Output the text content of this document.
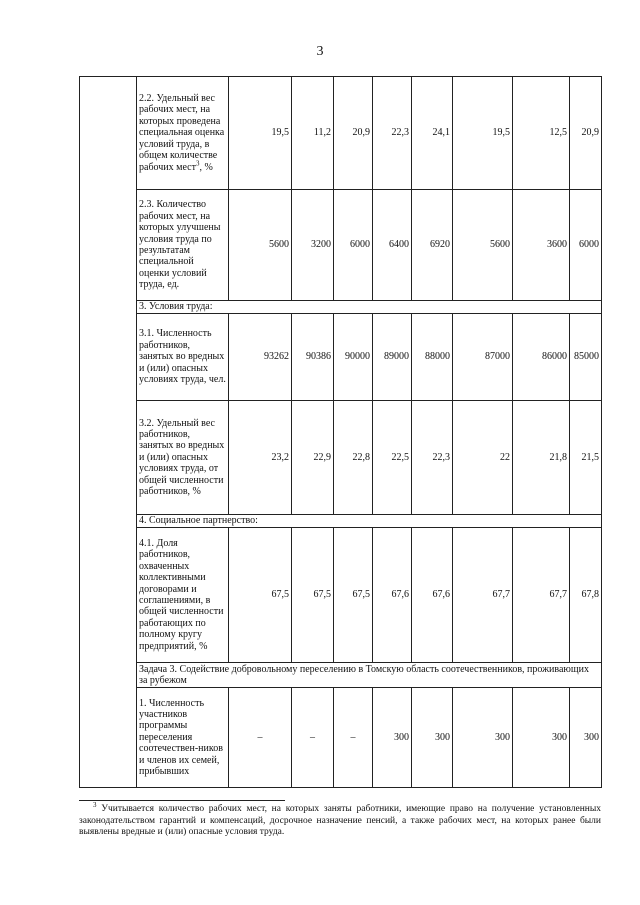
3
	2.2. Удельный вес рабочих мест, на которых проведена специальная оценка условий труда, в общем количестве рабочих мест$^3$, %	19,5	11,2	20,9	22,3	24,1	19,5	12,5	20,9
	2.3. Количество рабочих мест, на которых улучшены условия труда по результатам специальной оценки условий труда, ед.	5600	3200	6000	6400	6920	5600	3600	6000
	3. Условия труда:								
	3.1. Численность работников, занятых во вредных и (или) опасных условиях труда, чел.	93262	90386	90000	89000	88000	87000	86000	85000
	3.2. Удельный вес работников, занятых во вредных и (или) опасных условиях труда, от общей численности работников, %	23,2	22,9	22,8	22,5	22,3	22	21,8	21,5
	4. Социальное партнерство:								
	4.1. Доля работников, охваченных коллективными договорами и соглашениями, в общей численности работающих по полному кругу предприятий, %	67,5	67,5	67,5	67,6	67,6	67,7	67,7	67,8
	Задача 3. Содействие добровольному переселению в Томскую область соотечественников, проживающих за рубежом								
	1. Численность участников программы переселения соотечествен-ников и членов их семей, прибывших	–	–	–	300	300	300	300	300
$^3$ Учитывается количество рабочих мест, на которых заняты работники, имеющие право на получение установленных законодательством гарантий и компенсаций, досрочное назначение пенсий, а также рабочих мест, на которых ранее были выявлены вредные и (или) опасные условия труда.
